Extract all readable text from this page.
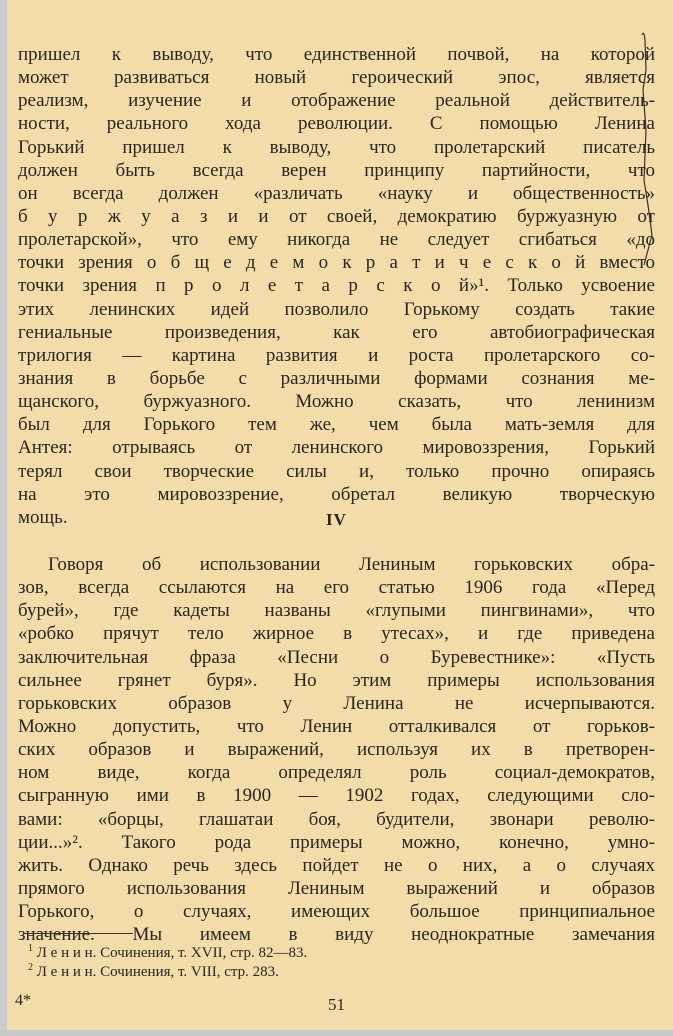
пришел к выводу, что единственной почвой, на которой
может развиваться новый героический эпос, является
реализм, изучение и отображение реальной действитель-
ности, реального хода революции. С помощью Ленина
Горький пришел к выводу, что пролетарский писатель
должен быть всегда верен принципу партийности, что
он всегда должен «различать «науку и общественность»
б у р ж у а з и и от своей, демократию буржуазную от
пролетарской», что ему никогда не следует сгибаться «до
точки зрения о б щ е д е м о к р а т и ч е с к о й вместо
точки зрения п р о л е т а р с к о й»¹. Только усвоение
этих ленинских идей позволило Горькому создать такие
гениальные произведения, как его автобиографическая
трилогия — картина развития и роста пролетарского со-
знания в борьбе с различными формами сознания ме-
щанского, буржуазного. Можно сказать, что ленинизм
был для Горького тем же, чем была мать-земля для
Антея: отрываясь от ленинского мировоззрения, Горький
терял свои творческие силы и, только прочно опираясь
на это мировоззрение, обретал великую творческую
мощь.	IV
Говоря об использовании Лениным горьковских обра-
зов, всегда ссылаются на его статью 1906 года «Перед
бурей», где кадеты названы «глупыми пингвинами», что
«робко прячут тело жирное в утесах», и где приведена
заключительная фраза «Песни о Буревестнике»: «Пусть
сильнее грянет буря». Но этим примеры использования
горьковских образов у Ленина не исчерпываются.
Можно допустить, что Ленин отталкивался от горьков-
ских образов и выражений, используя их в претворен-
ном виде, когда определял роль социал-демократов,
сыгранную ими в 1900 — 1902 годах, следующими сло-
вами: «борцы, глашатаи боя, будители, звонари револю-
ции...»². Такого рода примеры можно, конечно, умно-
жить. Однако речь здесь пойдет не о них, а о случаях
прямого использования Лениным выражений и образов
Горького, о случаях, имеющих большое принципиальное
значение. Мы имеем в виду неоднократные замечания
$^1$ Л е н и н. Сочинения, т. XVII, стр. 82—83.
$^2$ Л е н и н. Сочинения, т. VIII, стр. 283.
4*	51
